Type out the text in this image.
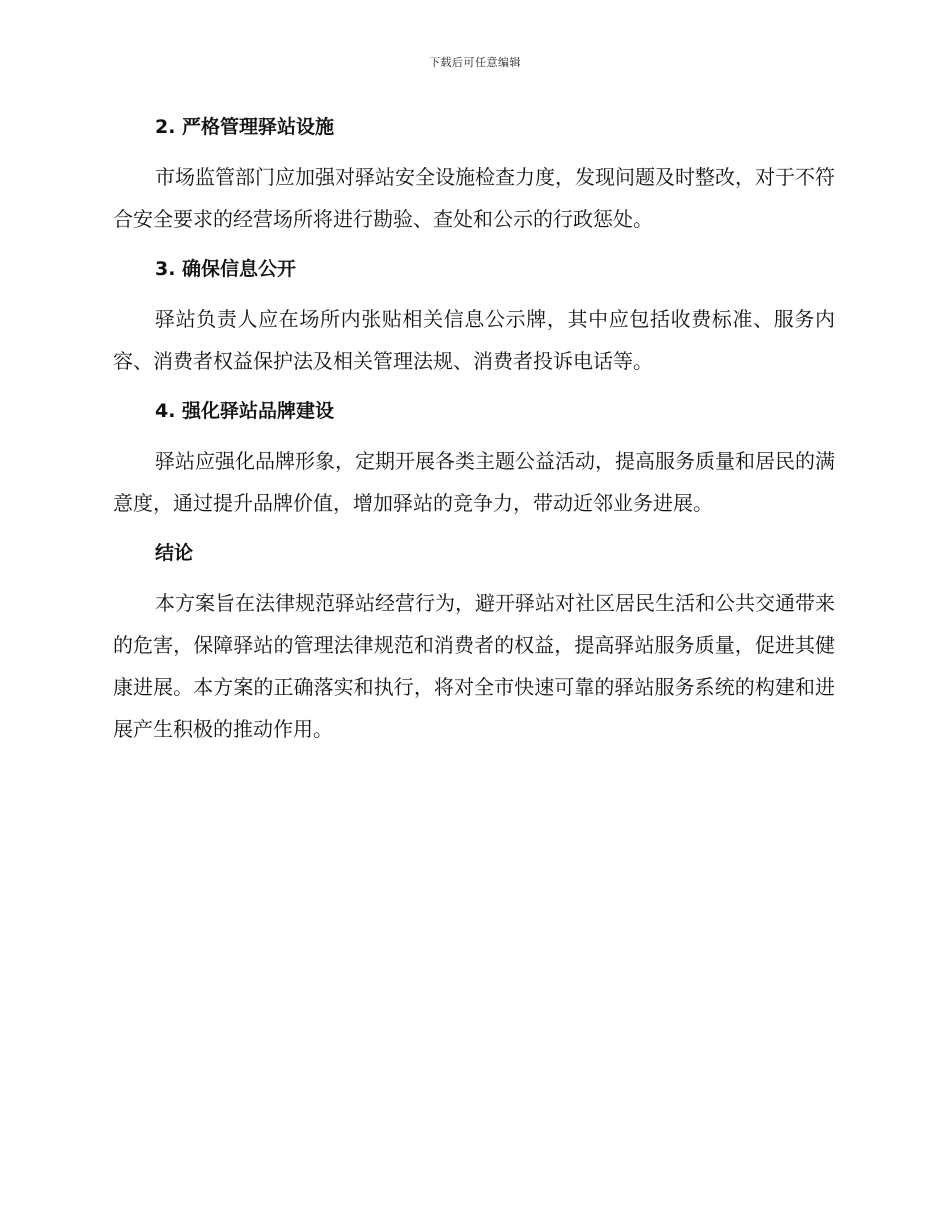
下载后可任意编辑
2. 严格管理驿站设施

市场监管部门应加强对驿站安全设施检查力度，发现问题及时整改，对于不符合安全要求的经营场所将进行勘验、查处和公示的行政惩处。

3. 确保信息公开

驿站负责人应在场所内张贴相关信息公示牌，其中应包括收费标准、服务内容、消费者权益保护法及相关管理法规、消费者投诉电话等。

4. 强化驿站品牌建设

驿站应强化品牌形象，定期开展各类主题公益活动，提高服务质量和居民的满意度，通过提升品牌价值，增加驿站的竞争力，带动近邻业务进展。

结论

本方案旨在法律规范驿站经营行为，避开驿站对社区居民生活和公共交通带来的危害，保障驿站的管理法律规范和消费者的权益，提高驿站服务质量，促进其健康进展。本方案的正确落实和执行，将对全市快速可靠的驿站服务系统的构建和进展产生积极的推动作用。
